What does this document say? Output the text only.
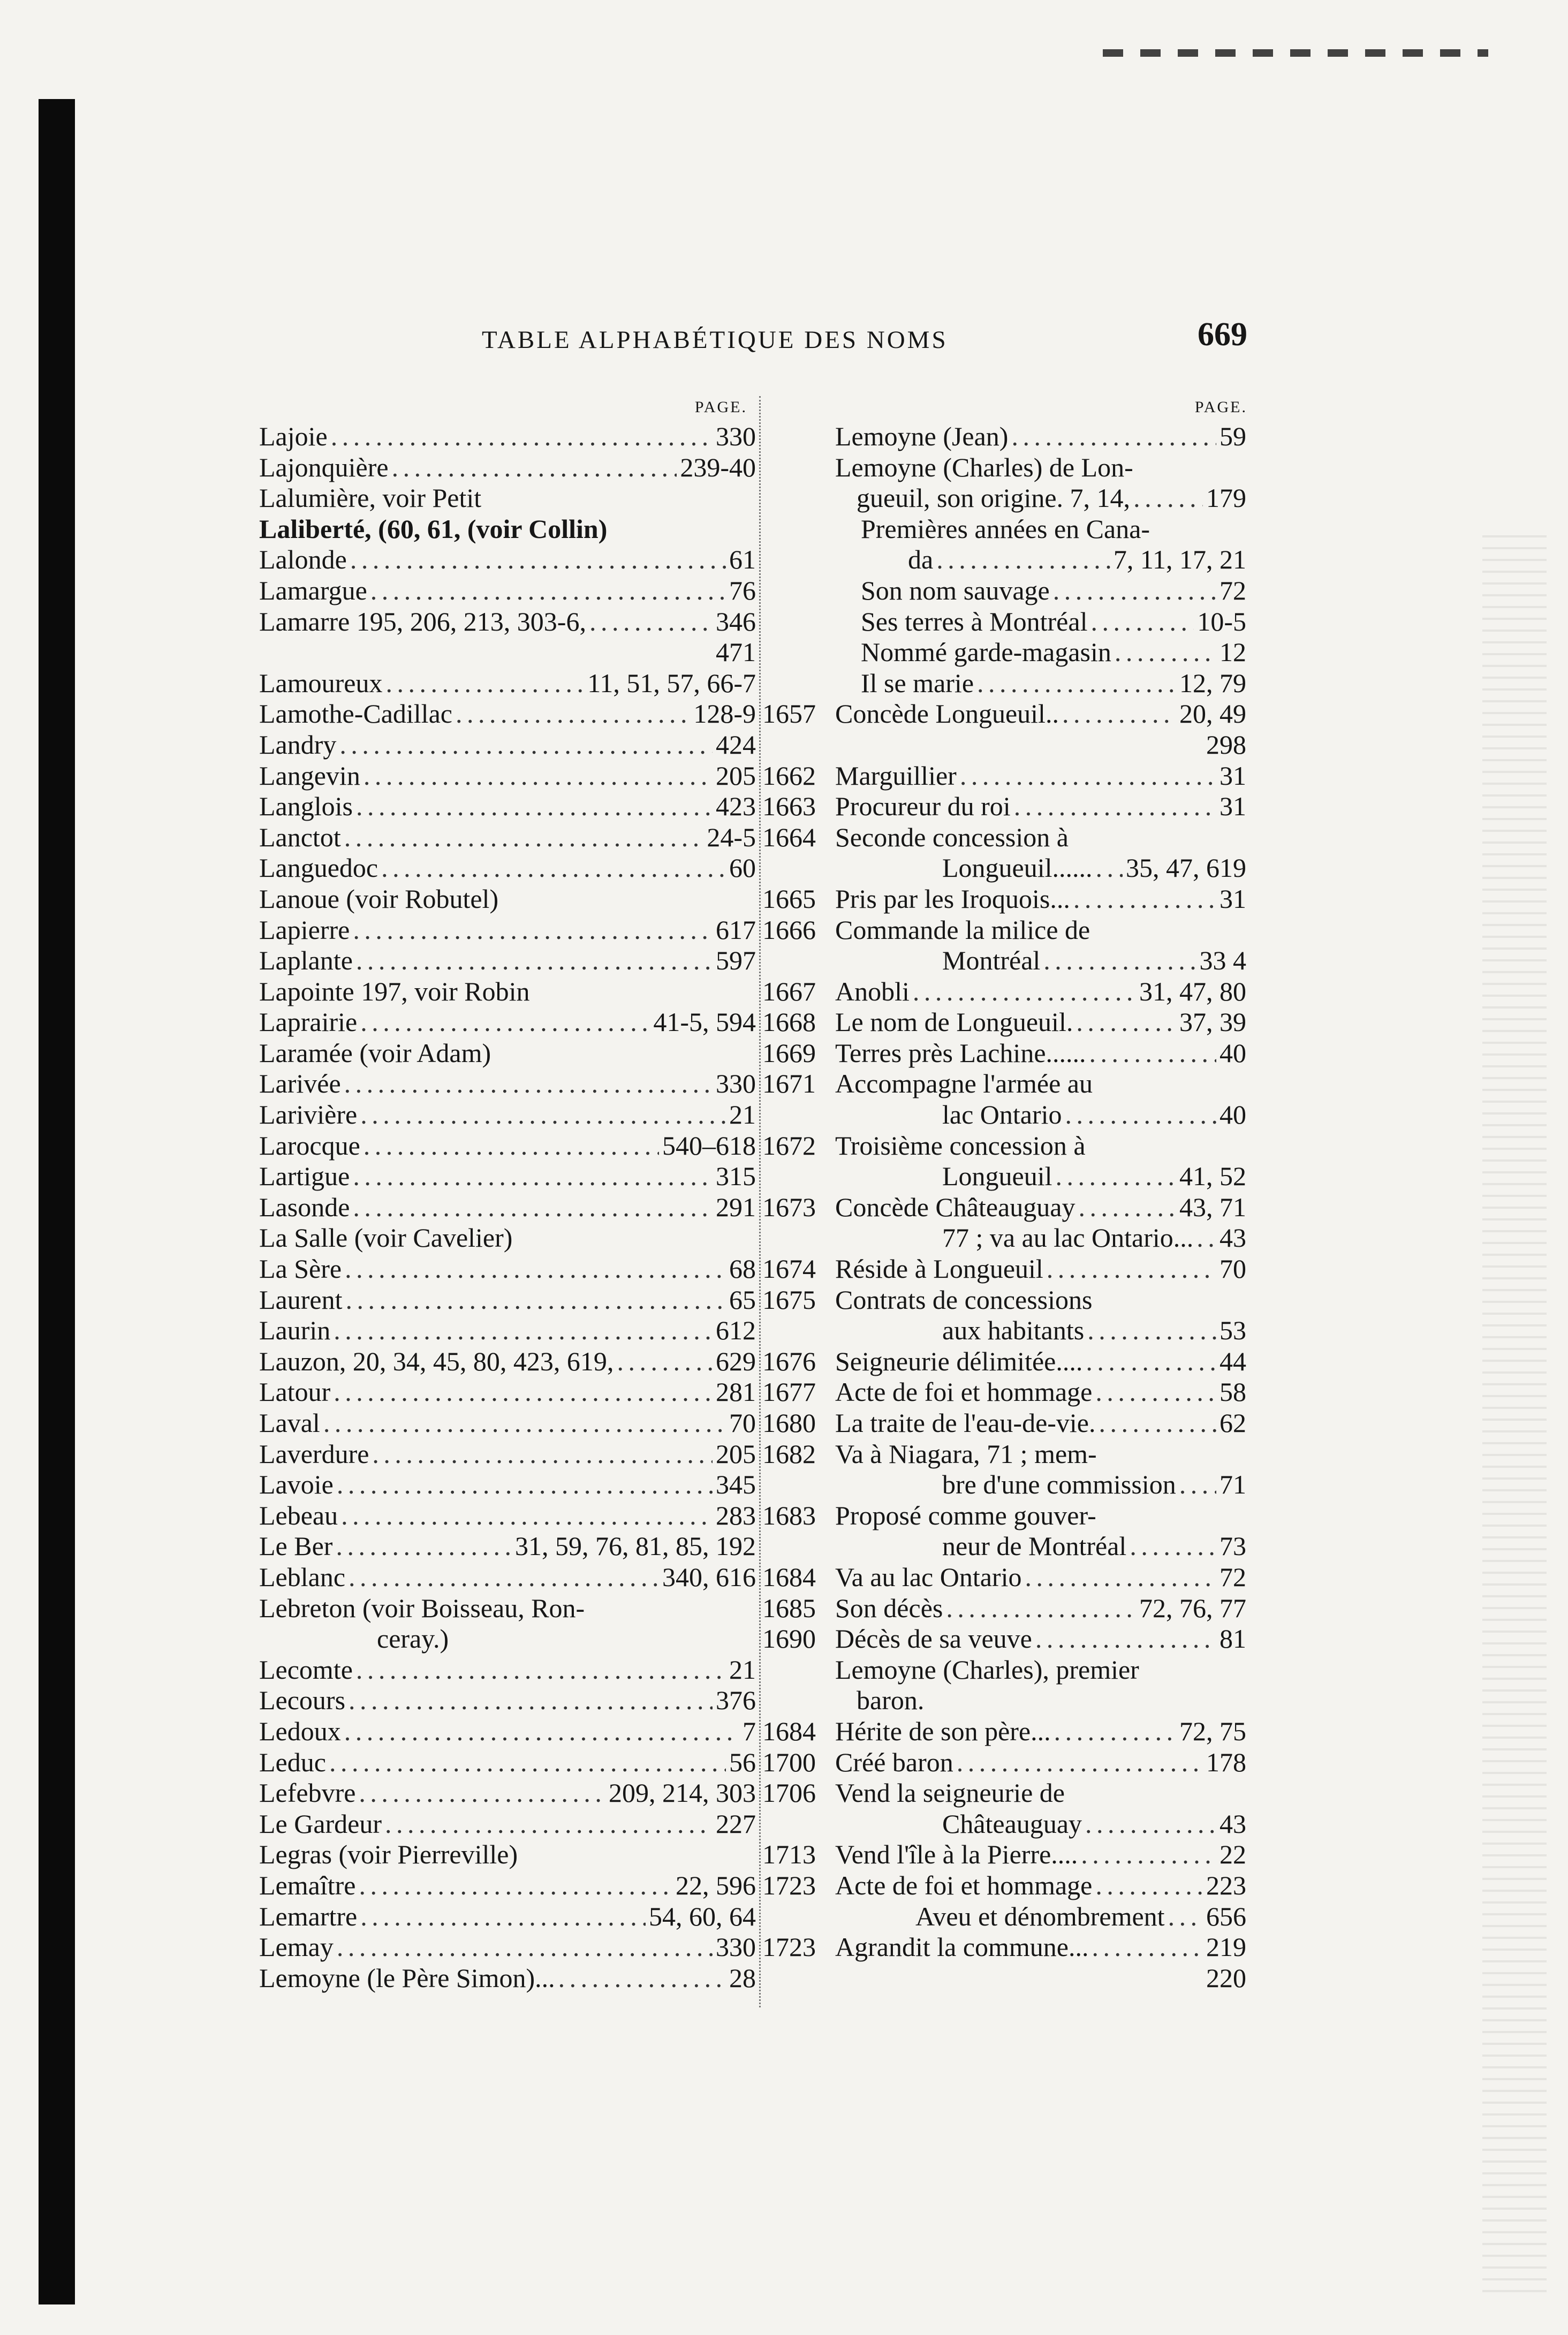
TABLE ALPHABÉTIQUE DES NOMS	669
PAGE.
Lajoie . . .	330
Lajonquière . . .	239-40
Lalumière, voir Petit
Laliberté, (60, 61, (voir Collin)
Lalonde . . .	61
Lamargue . . .	76
Lamarre 195, 206, 213, 303-6, . . .	346
471
Lamoureux . . .	11, 51, 57, 66-7
Lamothe-Cadillac . . .	128-9
Landry . . .	424
Langevin . . .	205
Langlois . . .	423
Lanctot . . .	24-5
Languedoc . . .	60
Lanoue (voir Robutel)
Lapierre . . .	617
Laplante . . .	597
Lapointe 197, voir Robin
Laprairie . . .	41-5, 594
Laramée (voir Adam)
Larivée . . .	330
Larivière . . .	21
Larocque . . .	540–618
Lartigue . . .	315
Lasonde . . .	291
La Salle (voir Cavelier)
La Sère . . .	68
Laurent . . .	65
Laurin . . .	612
Lauzon, 20, 34, 45, 80, 423, 619, . . .	629
Latour . . .	281
Laval . . .	70
Laverdure . . .	205
Lavoie . . .	345
Lebeau . . .	283
Le Ber . . .	31, 59, 76, 81, 85, 192
Leblanc . . .	340, 616
Lebreton (voir Boisseau, Ron-
ceray.)
Lecomte . . .	21
Lecours . . .	376
Ledoux . . .	7
Leduc . . .	56
Lefebvre . . .	209, 214, 303
Le Gardeur . . .	227
Legras (voir Pierreville)
Lemaître . . .	22, 596
Lemartre . . .	54, 60, 64
Lemay . . .	330
Lemoyne (le Père Simon)... . . .	28
PAGE.
Lemoyne (Jean) . . .	59
Lemoyne (Charles) de Lon-
gueuil, son origine. 7, 14, . . .	179
Premières années en Cana-
da . . .	7, 11, 17, 21
Son nom sauvage . . .	72
Ses terres à Montréal . . .	10-5
Nommé garde-magasin . . .	12
Il se marie . . .	12, 79
1657 Concède Longueuil.. . . .	20, 49
298
1662 Marguillier . . .	31
1663 Procureur du roi . . .	31
1664 Seconde concession à
Longueuil...... . . . 35, 47, 619
1665 Pris par les Iroquois... . . .	31
1666 Commande la milice de
Montréal . . .	33 4
1667 Anobli . . .	31, 47, 80
1668 Le nom de Longueuil. . . .	37, 39
1669 Terres près Lachine...... . . .	40
1671 Accompagne l'armée au
lac Ontario . . .	40
1672 Troisième concession à
Longueuil . . .	41, 52
1673 Concède Châteauguay . . .	43, 71
77 ; va au lac Ontario... . . . 43
1674 Réside à Longueuil . . .	70
1675 Contrats de concessions
aux habitants . . .	53
1676 Seigneurie délimitée.... . . .	44
1677 Acte de foi et hommage . . .	58
1680 La traite de l'eau-de-vie. . . .	62
1682 Va à Niagara, 71 ; mem-
bre d'une commission . . . 71
1683 Proposé comme gouver-
neur de Montréal . . .	73
1684 Va au lac Ontario . . .	72
1685 Son décès . . .	72, 76, 77
1690 Décès de sa veuve . . .	81
Lemoyne (Charles), premier
baron.
1684 Hérite de son père... . . .	72, 75
1700 Créé baron . . .	178
1706 Vend la seigneurie de
Châteauguay . . .	43
1713 Vend l'île à la Pierre.... . . .	22
1723 Acte de foi et hommage . . .	223
Aveu et dénombrement . . . 656
1723 Agrandit la commune... . . .	219
220
